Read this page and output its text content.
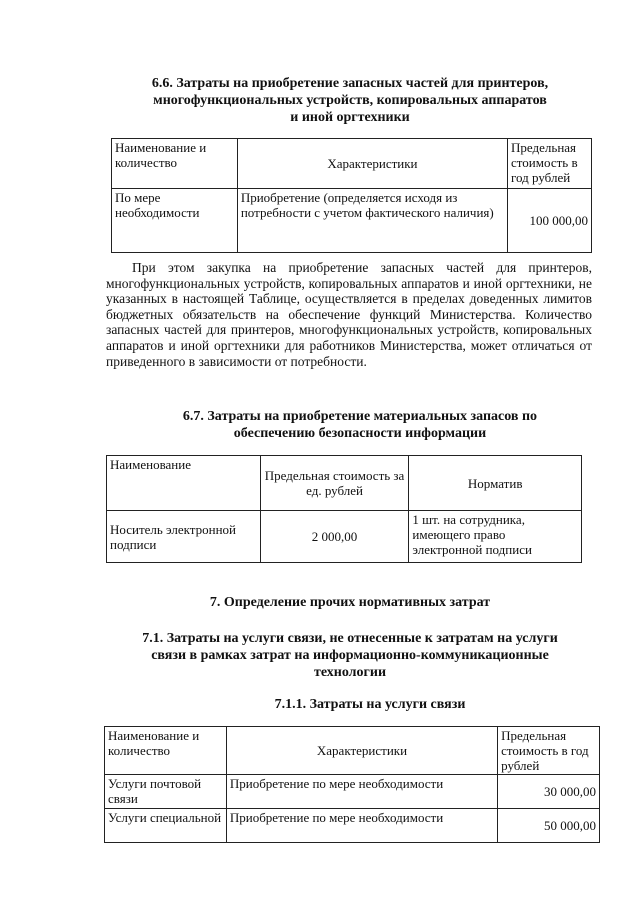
6.6. Затраты на приобретение запасных частей для принтеров,
многофункциональных устройств, копировальных аппаратов
и иной оргтехники
Наименование и количество	Характеристики	Предельная стоимость в год рублей
По мере необходимости	Приобретение (определяется исходя из потребности с учетом фактического наличия)	100 000,00

При этом закупка на приобретение запасных частей для принтеров, многофункциональных устройств, копировальных аппаратов и иной оргтехники, не указанных в настоящей Таблице, осуществляется в пределах доведенных лимитов бюджетных обязательств на обеспечение функций Министерства. Количество запасных частей для принтеров, многофункциональных устройств, копировальных аппаратов и иной оргтехники для работников Министерства, может отличаться от приведенного в зависимости от потребности.

6.7. Затраты на приобретение материальных запасов по
обеспечению безопасности информации
Наименование	Предельная стоимость за ед. рублей	Норматив
Носитель электронной подписи	2 000,00	1 шт. на сотрудника, имеющего право электронной подписи
7. Определение прочих нормативных затрат
7.1. Затраты на услуги связи, не отнесенные к затратам на услуги
связи в рамках затрат на информационно-коммуникационные
технологии
7.1.1. Затраты на услуги связи
Наименование и количество	Характеристики	Предельная стоимость в год рублей
Услуги почтовой связи	Приобретение по мере необходимости	30 000,00
Услуги специальной	Приобретение по мере необходимости	50 000,00
